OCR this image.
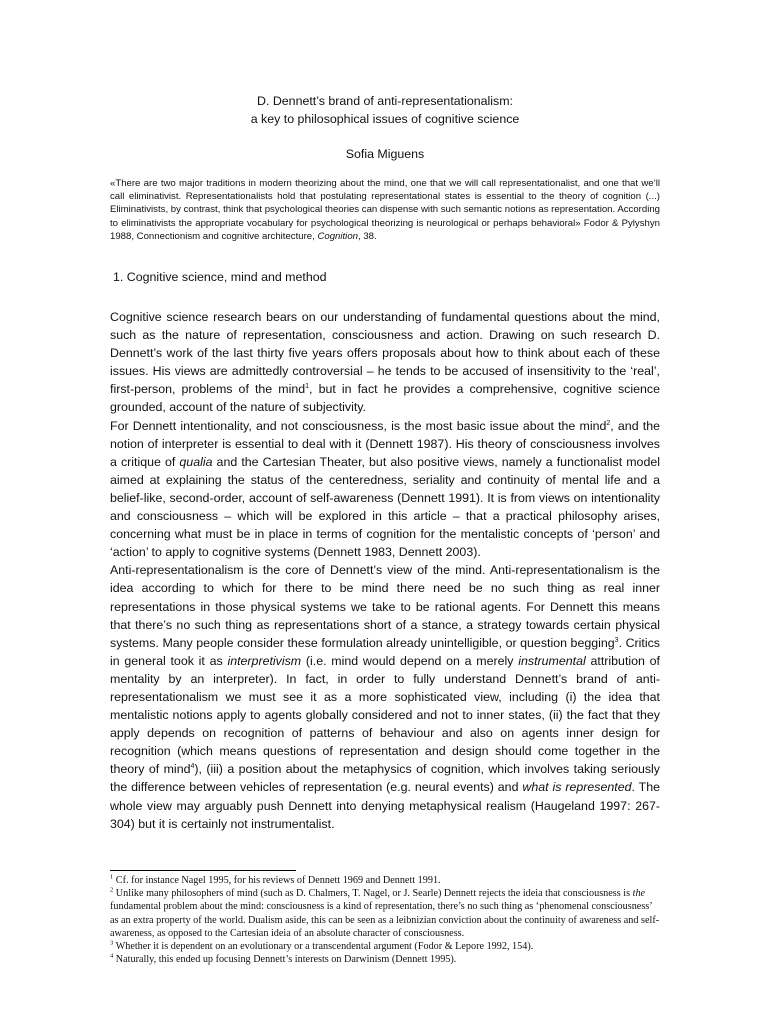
D. Dennett’s brand of anti-representationalism:
a key to philosophical issues of cognitive science
Sofia Miguens
«There are two major traditions in modern theorizing about the mind, one that we will call representationalist, and one that we’ll call eliminativist. Representationalists hold that postulating representational states is essential to the theory of cognition (...) Eliminativists, by contrast, think that psychological theories can dispense with such semantic notions as representation. According to eliminativists the appropriate vocabulary for psychological theorizing is neurological or perhaps behavioral» Fodor & Pylyshyn 1988, Connectionism and cognitive architecture, Cognition, 38.
1. Cognitive science, mind and method

Cognitive science research bears on our understanding of fundamental questions about the mind, such as the nature of representation, consciousness and action. Drawing on such research D. Dennett’s work of the last thirty five years offers proposals about how to think about each of these issues. His views are admittedly controversial – he tends to be accused of insensitivity to the ‘real’, first-person, problems of the mind$^1$, but in fact he provides a comprehensive, cognitive science grounded, account of the nature of subjectivity.

For Dennett intentionality, and not consciousness, is the most basic issue about the mind$^2$, and the notion of interpreter is essential to deal with it (Dennett 1987). His theory of consciousness involves a critique of qualia and the Cartesian Theater, but also positive views, namely a functionalist model aimed at explaining the status of the centeredness, seriality and continuity of mental life and a belief-like, second-order, account of self-awareness (Dennett 1991). It is from views on intentionality and consciousness – which will be explored in this article – that a practical philosophy arises, concerning what must be in place in terms of cognition for the mentalistic concepts of ‘person’ and ‘action’ to apply to cognitive systems (Dennett 1983, Dennett 2003).

Anti-representationalism is the core of Dennett’s view of the mind. Anti-representationalism is the idea according to which for there to be mind there need be no such thing as real inner representations in those physical systems we take to be rational agents. For Dennett this means that there’s no such thing as representations short of a stance, a strategy towards certain physical systems. Many people consider these formulation already unintelligible, or question begging$^3$. Critics in general took it as interpretivism (i.e. mind would depend on a merely instrumental attribution of mentality by an interpreter). In fact, in order to fully understand Dennett’s brand of anti-representationalism we must see it as a more sophisticated view, including (i) the idea that mentalistic notions apply to agents globally considered and not to inner states, (ii) the fact that they apply depends on recognition of patterns of behaviour and also on agents inner design for recognition (which means questions of representation and design should come together in the theory of mind$^4$), (iii) a position about the metaphysics of cognition, which involves taking seriously the difference between vehicles of representation (e.g. neural events) and what is represented. The whole view may arguably push Dennett into denying metaphysical realism (Haugeland 1997: 267-304) but it is certainly not instrumentalist.

$^1$ Cf. for instance Nagel 1995, for his reviews of Dennett 1969 and Dennett 1991.

$^2$ Unlike many philosophers of mind (such as D. Chalmers, T. Nagel, or J. Searle) Dennett rejects the ideia that consciousness is the fundamental problem about the mind: consciousness is a kind of representation, there’s no such thing as ‘phenomenal consciousness’ as an extra property of the world. Dualism aside, this can be seen as a leibnizian conviction about the continuity of awareness and self-awareness, as opposed to the Cartesian ideia of an absolute character of consciousness.

$^3$ Whether it is dependent on an evolutionary or a transcendental argument (Fodor & Lepore 1992, 154).

$^4$ Naturally, this ended up focusing Dennett’s interests on Darwinism (Dennett 1995).
